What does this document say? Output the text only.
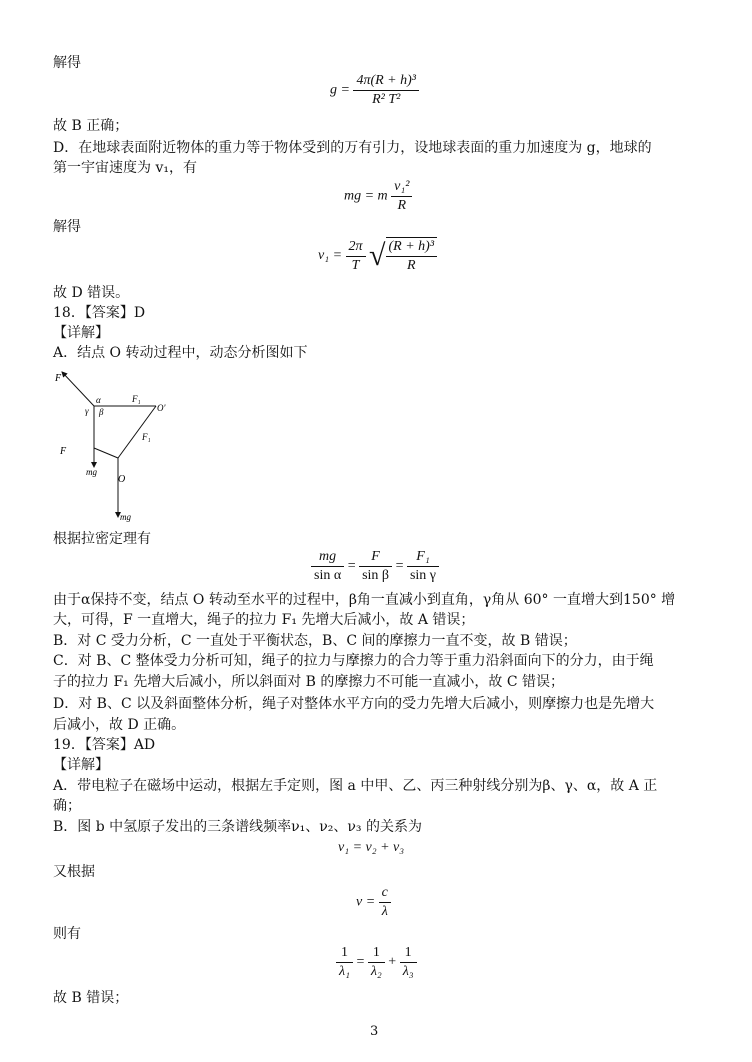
解得
$g = \frac{\text{4π(R + h)³}}{\text{R² T²}}$
故 B 正确；
D．在地球表面附近物体的重力等于物体受到的万有引力，设地球表面的重力加速度为 g，地球的
第一宇宙速度为 v₁，有
mg = m $\frac{\text{v₁²}}{R}$
解得
$v_1 = \frac{2\pi}{T}$ √ $\frac{\text{(R + h)³}}{R}$
故 D 错误。
18．【答案】D
【详解】
A．结点 O 转动过程中，动态分析图如下
F
α
γ β
F₁
O'
F₁
F
mg
O
mg
根据拉密定理有
$\frac{mg}{\text{sin α}} = \frac{F}{\text{sin β}} = \frac{\text{F₁}}{\text{sin γ}}$
由于α保持不变，结点 O 转动至水平的过程中，β角一直减小到直角，γ角从 60° 一直增大到150° 增
大，可得，F 一直增大，绳子的拉力 F₁ 先增大后减小，故 A 错误；
B．对 C 受力分析，C 一直处于平衡状态，B、C 间的摩擦力一直不变，故 B 错误；
C．对 B、C 整体受力分析可知，绳子的拉力与摩擦力的合力等于重力沿斜面向下的分力，由于绳
子的拉力 F₁ 先增大后减小，所以斜面对 B 的摩擦力不可能一直减小，故 C 错误；
D．对 B、C 以及斜面整体分析，绳子对整体水平方向的受力先增大后减小，则摩擦力也是先增大
后减小，故 D 正确。
19．【答案】AD
【详解】
A．带电粒子在磁场中运动，根据左手定则，图 a 中甲、乙、丙三种射线分别为β、γ、α，故 A 正
确；
B．图 b 中氢原子发出的三条谱线频率ν₁、ν₂、ν₃ 的关系为
ν₁ = ν₂ + ν₃
又根据
$\nu = \frac{c}{\lambda}$
则有
$\frac{1}{\text{λ₁}} = \frac{1}{\text{λ₂}} + \frac{1}{\text{λ₃}}$
故 B 错误；
3
